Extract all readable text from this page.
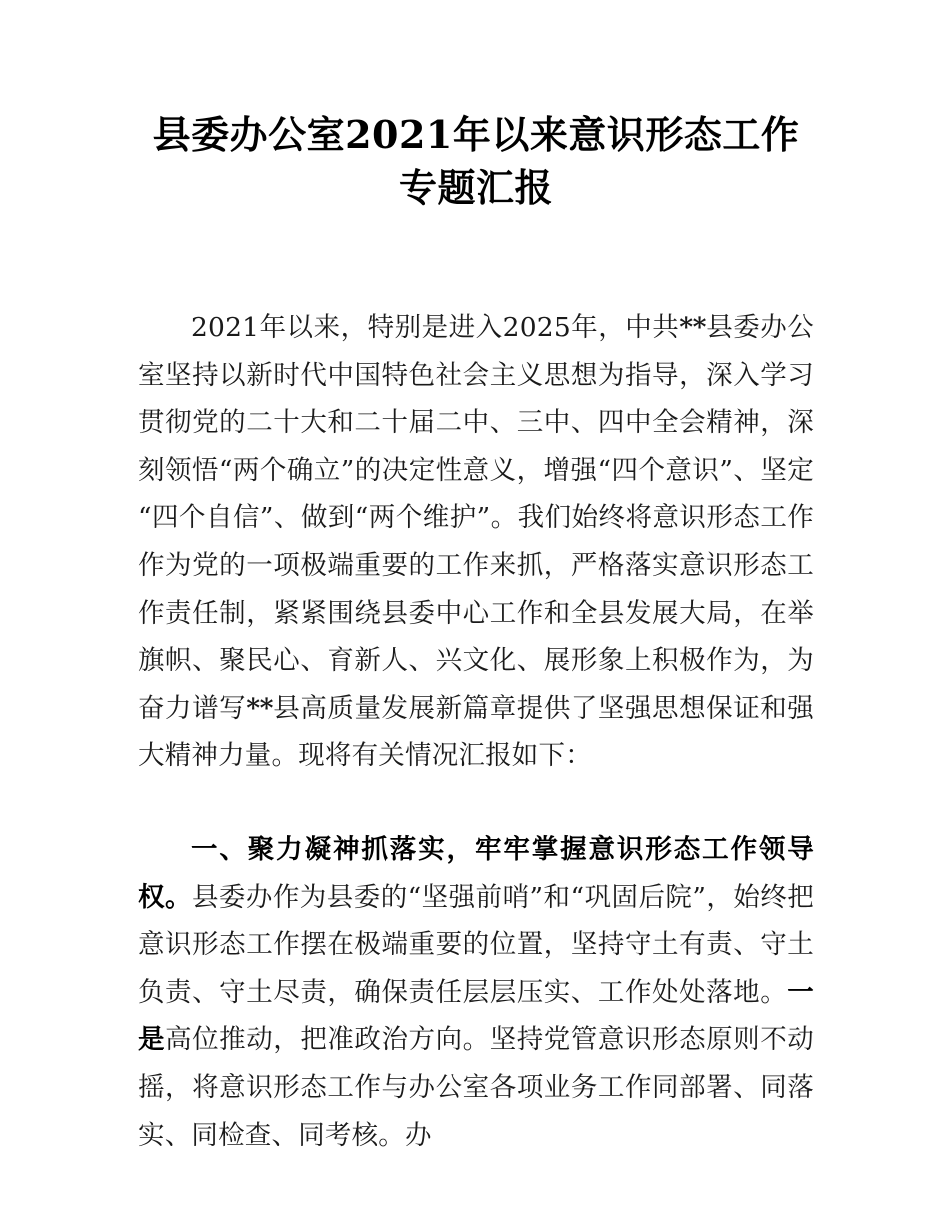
县委办公室2021年以来意识形态工作专题汇报

2021年以来，特别是进入2025年，中共**县委办公室坚持以新时代中国特色社会主义思想为指导，深入学习贯彻党的二十大和二十届二中、三中、四中全会精神，深刻领悟“两个确立”的决定性意义，增强“四个意识”、坚定“四个自信”、做到“两个维护”。我们始终将意识形态工作作为党的一项极端重要的工作来抓，严格落实意识形态工作责任制，紧紧围绕县委中心工作和全县发展大局，在举旗帜、聚民心、育新人、兴文化、展形象上积极作为，为奋力谱写**县高质量发展新篇章提供了坚强思想保证和强大精神力量。现将有关情况汇报如下：

一、聚力凝神抓落实，牢牢掌握意识形态工作领导权。县委办作为县委的“坚强前哨”和“巩固后院”，始终把意识形态工作摆在极端重要的位置，坚持守土有责、守土负责、守土尽责，确保责任层层压实、工作处处落地。一是高位推动，把准政治方向。坚持党管意识形态原则不动摇，将意识形态工作与办公室各项业务工作同部署、同落实、同检查、同考核。办
